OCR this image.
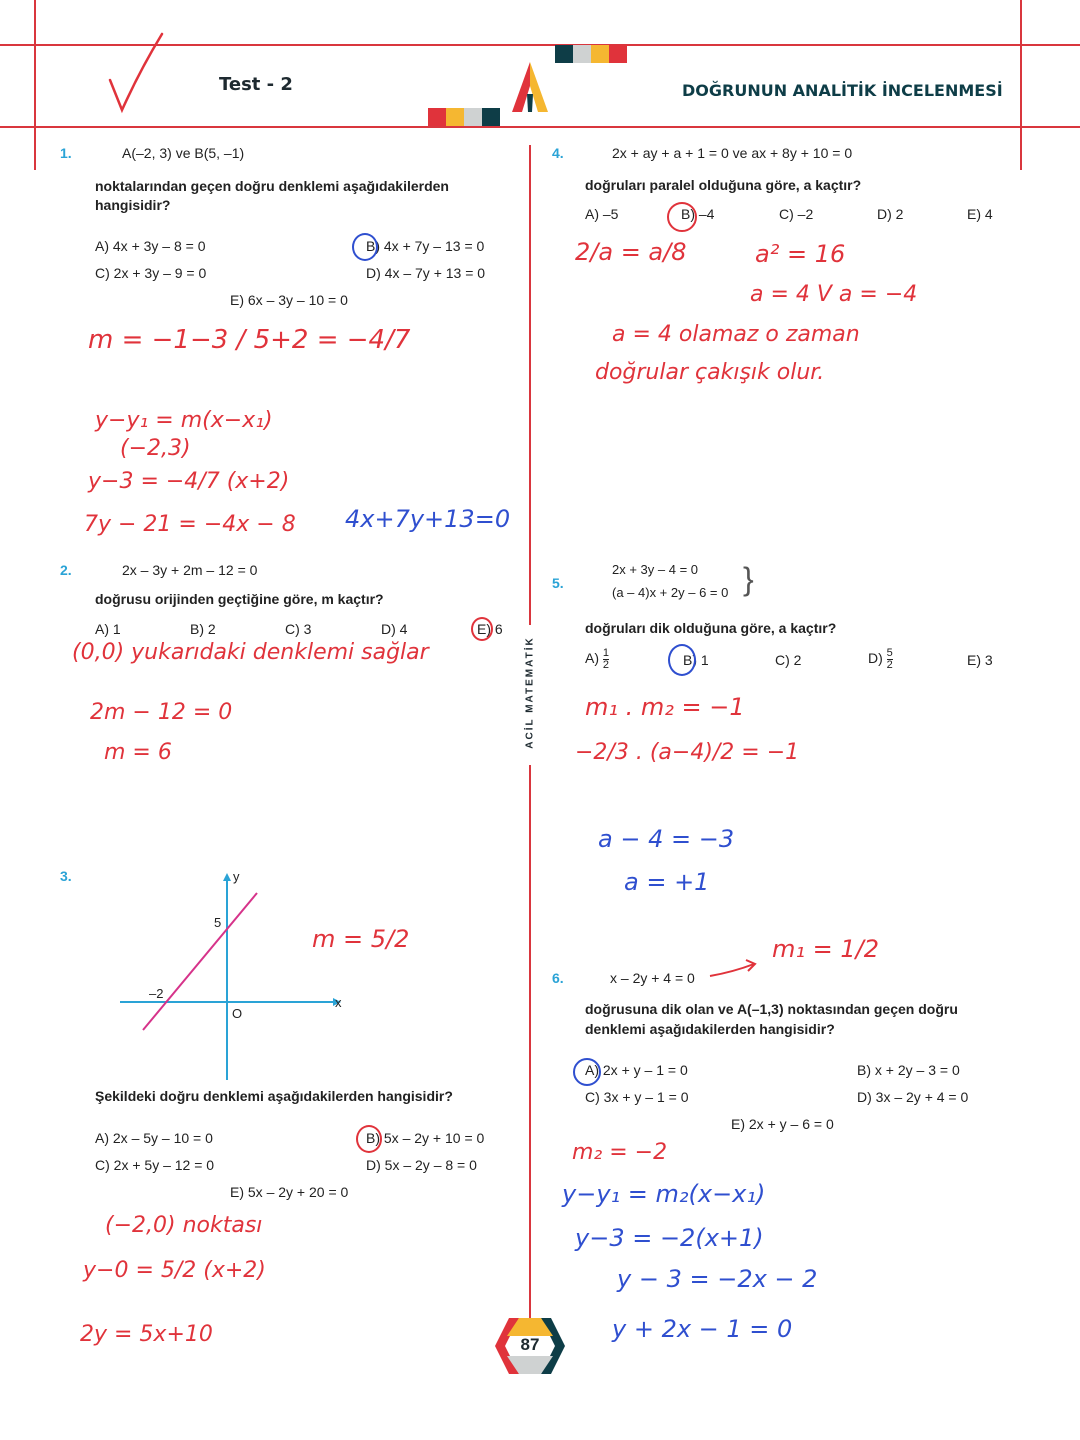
Test - 2	DOĞRUNUN ANALİTİK İNCELENMESİ
ACİL MATEMATİK
1.	A(–2, 3) ve B(5, –1)
noktalarından geçen doğru denklemi aşağıdakilerden hangisidir?
A) 4x + 3y – 8 = 0	B) 4x + 7y – 13 = 0
C) 2x + 3y – 9 = 0	D) 4x – 7y + 13 = 0
E) 6x – 3y – 10 = 0
m = −1−3 / 5+2 = −4/7
y−y₁ = m(x−x₁)
(−2,3)
y−3 = −4/7 (x+2)
7y − 21 = −4x − 8 4x+7y+13=0
2.	2x – 3y + 2m – 12 = 0
doğrusu orijinden geçtiğine göre, m kaçtır?
A) 1	B) 2	C) 3	D) 4	E) 6
(0,0) yukarıdaki denklemi sağlar
2m − 12 = 0
m = 6
3.	y
x
O
5
–2
m = 5/2
Şekildeki doğru denklemi aşağıdakilerden hangisidir?
A) 2x – 5y – 10 = 0	B) 5x – 2y + 10 = 0
C) 2x + 5y – 12 = 0	D) 5x – 2y – 8 = 0
E) 5x – 2y + 20 = 0
(−2,0) noktası
y−0 = 5/2 (x+2)
2y = 5x+10
4.	2x + ay + a + 1 = 0 ve ax + 8y + 10 = 0
doğruları paralel olduğuna göre, a kaçtır?
A) –5	B) –4	C) –2	D) 2	E) 4
2/a = a/8	a² = 16
a = 4 V a = −4
a = 4 olamaz o zaman
doğrular çakışık olur.
5.
2x + 3y – 4 = 0
(a – 4)x + 2y – 6 = 0 }
doğruları dik olduğuna göre, a kaçtır?
$A) \frac{1}{2}$	B) 1	C) 2	$D) \frac{5}{2}$	E) 3
m₁ . m₂ = −1
−2/3 . (a−4)/2 = −1
a − 4 = −3
a = +1
6.	x – 2y + 4 = 0
m₁ = 1/2
doğrusuna dik olan ve A(–1,3) noktasından geçen doğru denklemi aşağıdakilerden hangisidir?
A) 2x + y – 1 = 0	B) x + 2y – 3 = 0
C) 3x + y – 1 = 0	D) 3x – 2y + 4 = 0
E) 2x + y – 6 = 0
m₂ = −2
y−y₁ = m₂(x−x₁)
y−3 = −2(x+1)
y − 3 = −2x − 2
y + 2x − 1 = 0
87
